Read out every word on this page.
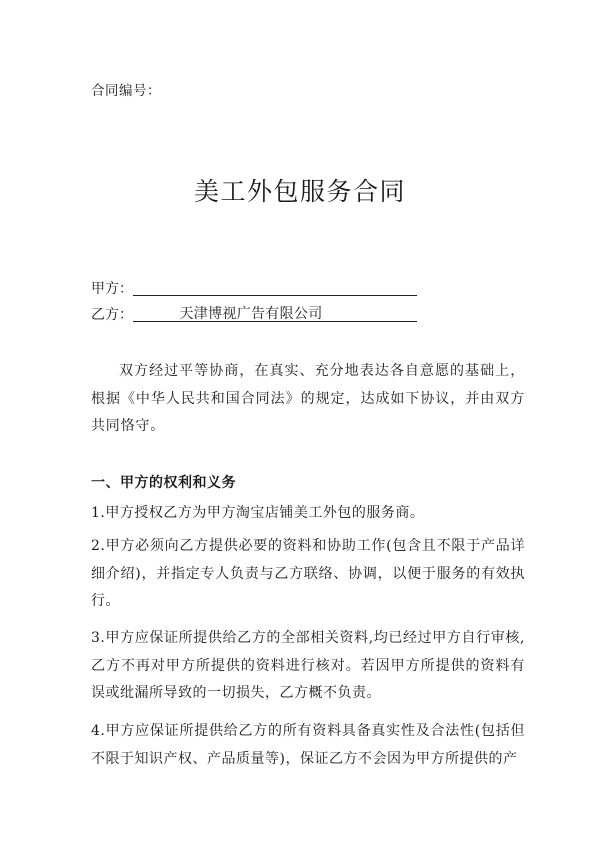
合同编号：
美工外包服务合同
甲方：
乙方：	天津博视广告有限公司

双方经过平等协商，在真实、充分地表达各自意愿的基础上，根据《中华人民共和国合同法》的规定，达成如下协议，并由双方共同恪守。

一、甲方的权利和义务

1.甲方授权乙方为甲方淘宝店铺美工外包的服务商。

2.甲方必须向乙方提供必要的资料和协助工作(包含且不限于产品详细介绍)，并指定专人负责与乙方联络、协调，以便于服务的有效执行。

3.甲方应保证所提供给乙方的全部相关资料,均已经过甲方自行审核,乙方不再对甲方所提供的资料进行核对。若因甲方所提供的资料有误或纰漏所导致的一切损失，乙方概不负责。

4.甲方应保证所提供给乙方的所有资料具备真实性及合法性(包括但不限于知识产权、产品质量等)，保证乙方不会因为甲方所提供的产
